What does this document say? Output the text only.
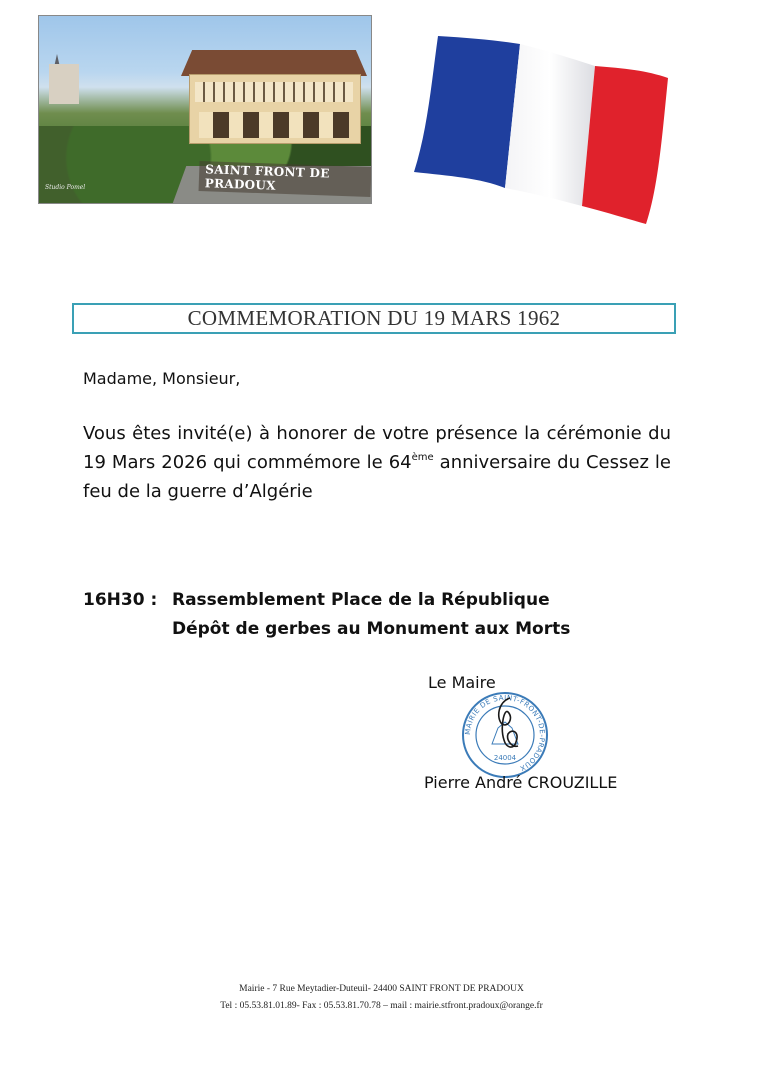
SAINT FRONT DE PRADOUX
Studio Pomel
COMMEMORATION DU 19 MARS 1962
Madame, Monsieur,
Vous êtes invité(e) à honorer de votre présence la cérémonie du 19 Mars 2026 qui commémore le 64ème anniversaire du Cessez le feu de la guerre d’Algérie
16H30 : Rassemblement Place de la République
Dépôt de gerbes au Monument aux Morts
Le Maire
MAIRIE DE SAINT-FRONT-DE-PRADOUX
24004
Pierre André CROUZILLE
Mairie - 7 Rue Meytadier-Duteuil- 24400 SAINT FRONT DE PRADOUX
Tel : 05.53.81.01.89- Fax : 05.53.81.70.78 – mail : mairie.stfront.pradoux@orange.fr
